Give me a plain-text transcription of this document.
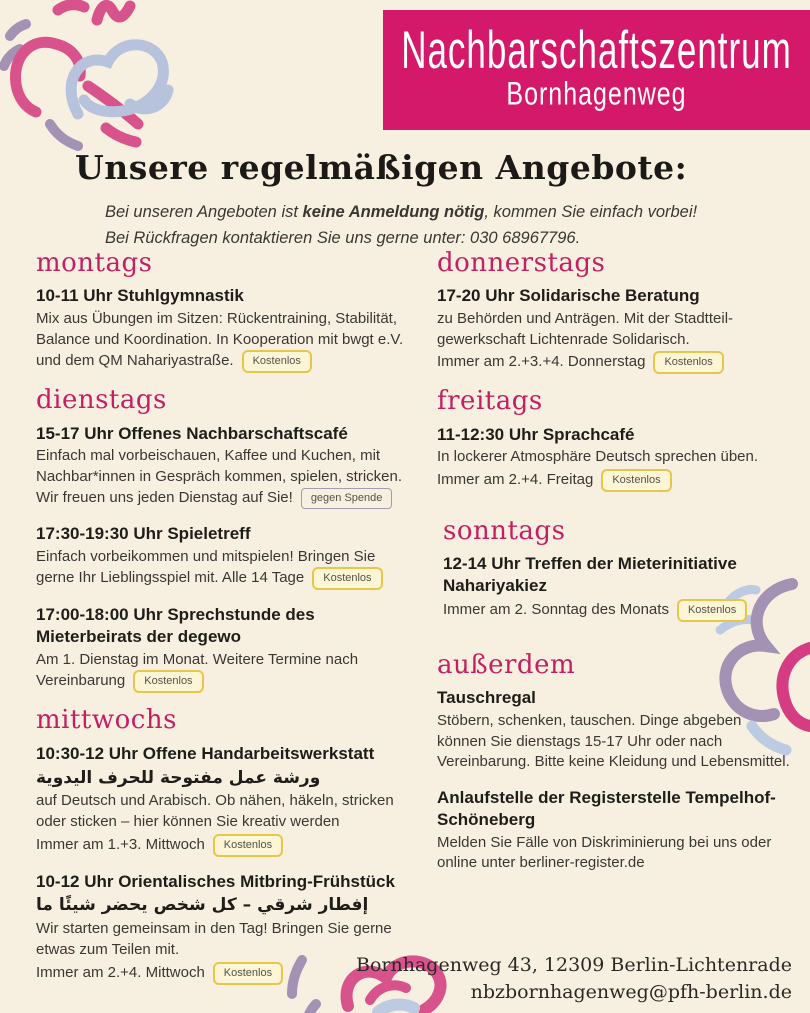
Nachbarschaftszentrum
Bornhagenweg
Unsere regelmäßigen Angebote:

Bei unseren Angeboten ist keine Anmeldung nötig, kommen Sie einfach vorbei!

Bei Rückfragen kontaktieren Sie uns gerne unter: 030 68967796.

montags
10-11 Uhr Stuhlgymnastik

Mix aus Übungen im Sitzen: Rückentraining, Stabilität, Balance und Koordination. In Kooperation mit bwgt e.V. und dem QM Nahariyastraße. Kostenlos

dienstags
15-17 Uhr Offenes Nachbarschaftscafé

Einfach mal vorbeischauen, Kaffee und Kuchen, mit Nachbar*innen in Gespräch kommen, spielen, stricken. Wir freuen uns jeden Dienstag auf Sie! gegen Spende

17:30-19:30 Uhr Spieletreff

Einfach vorbeikommen und mitspielen! Bringen Sie gerne Ihr Lieblingsspiel mit. Alle 14 Tage Kostenlos

17:00-18:00 Uhr Sprechstunde des Mieterbeirats der degewo

Am 1. Dienstag im Monat. Weitere Termine nach Vereinbarung Kostenlos

mittwochs
10:30-12 Uhr Offene Handarbeitswerkstatt
ورشة عمل مفتوحة للحرف اليدوية

auf Deutsch und Arabisch. Ob nähen, häkeln, stricken oder sticken – hier können Sie kreativ werden

Immer am 1.+3. Mittwoch Kostenlos

10-12 Uhr Orientalisches Mitbring-Frühstück
إفطار شرقي – كل شخص يحضر شيئًا ما

Wir starten gemeinsam in den Tag! Bringen Sie gerne etwas zum Teilen mit.

Immer am 2.+4. Mittwoch Kostenlos

donnerstags
17-20 Uhr Solidarische Beratung

zu Behörden und Anträgen. Mit der Stadtteil-gewerkschaft Lichtenrade Solidarisch.

Immer am 2.+3.+4. Donnerstag Kostenlos

freitags
11-12:30 Uhr Sprachcafé

In lockerer Atmosphäre Deutsch sprechen üben.

Immer am 2.+4. Freitag Kostenlos

sonntags
12-14 Uhr Treffen der Mieterinitiative Nahariyakiez

Immer am 2. Sonntag des Monats Kostenlos

außerdem
Tauschregal

Stöbern, schenken, tauschen. Dinge abgeben können Sie dienstags 15-17 Uhr oder nach Vereinbarung. Bitte keine Kleidung und Lebensmittel.

Anlaufstelle der Registerstelle Tempelhof- Schöneberg

Melden Sie Fälle von Diskriminierung bei uns oder online unter berliner-register.de

Bornhagenweg 43, 12309 Berlin-Lichtenrade
nbzbornhagenweg@pfh-berlin.de
